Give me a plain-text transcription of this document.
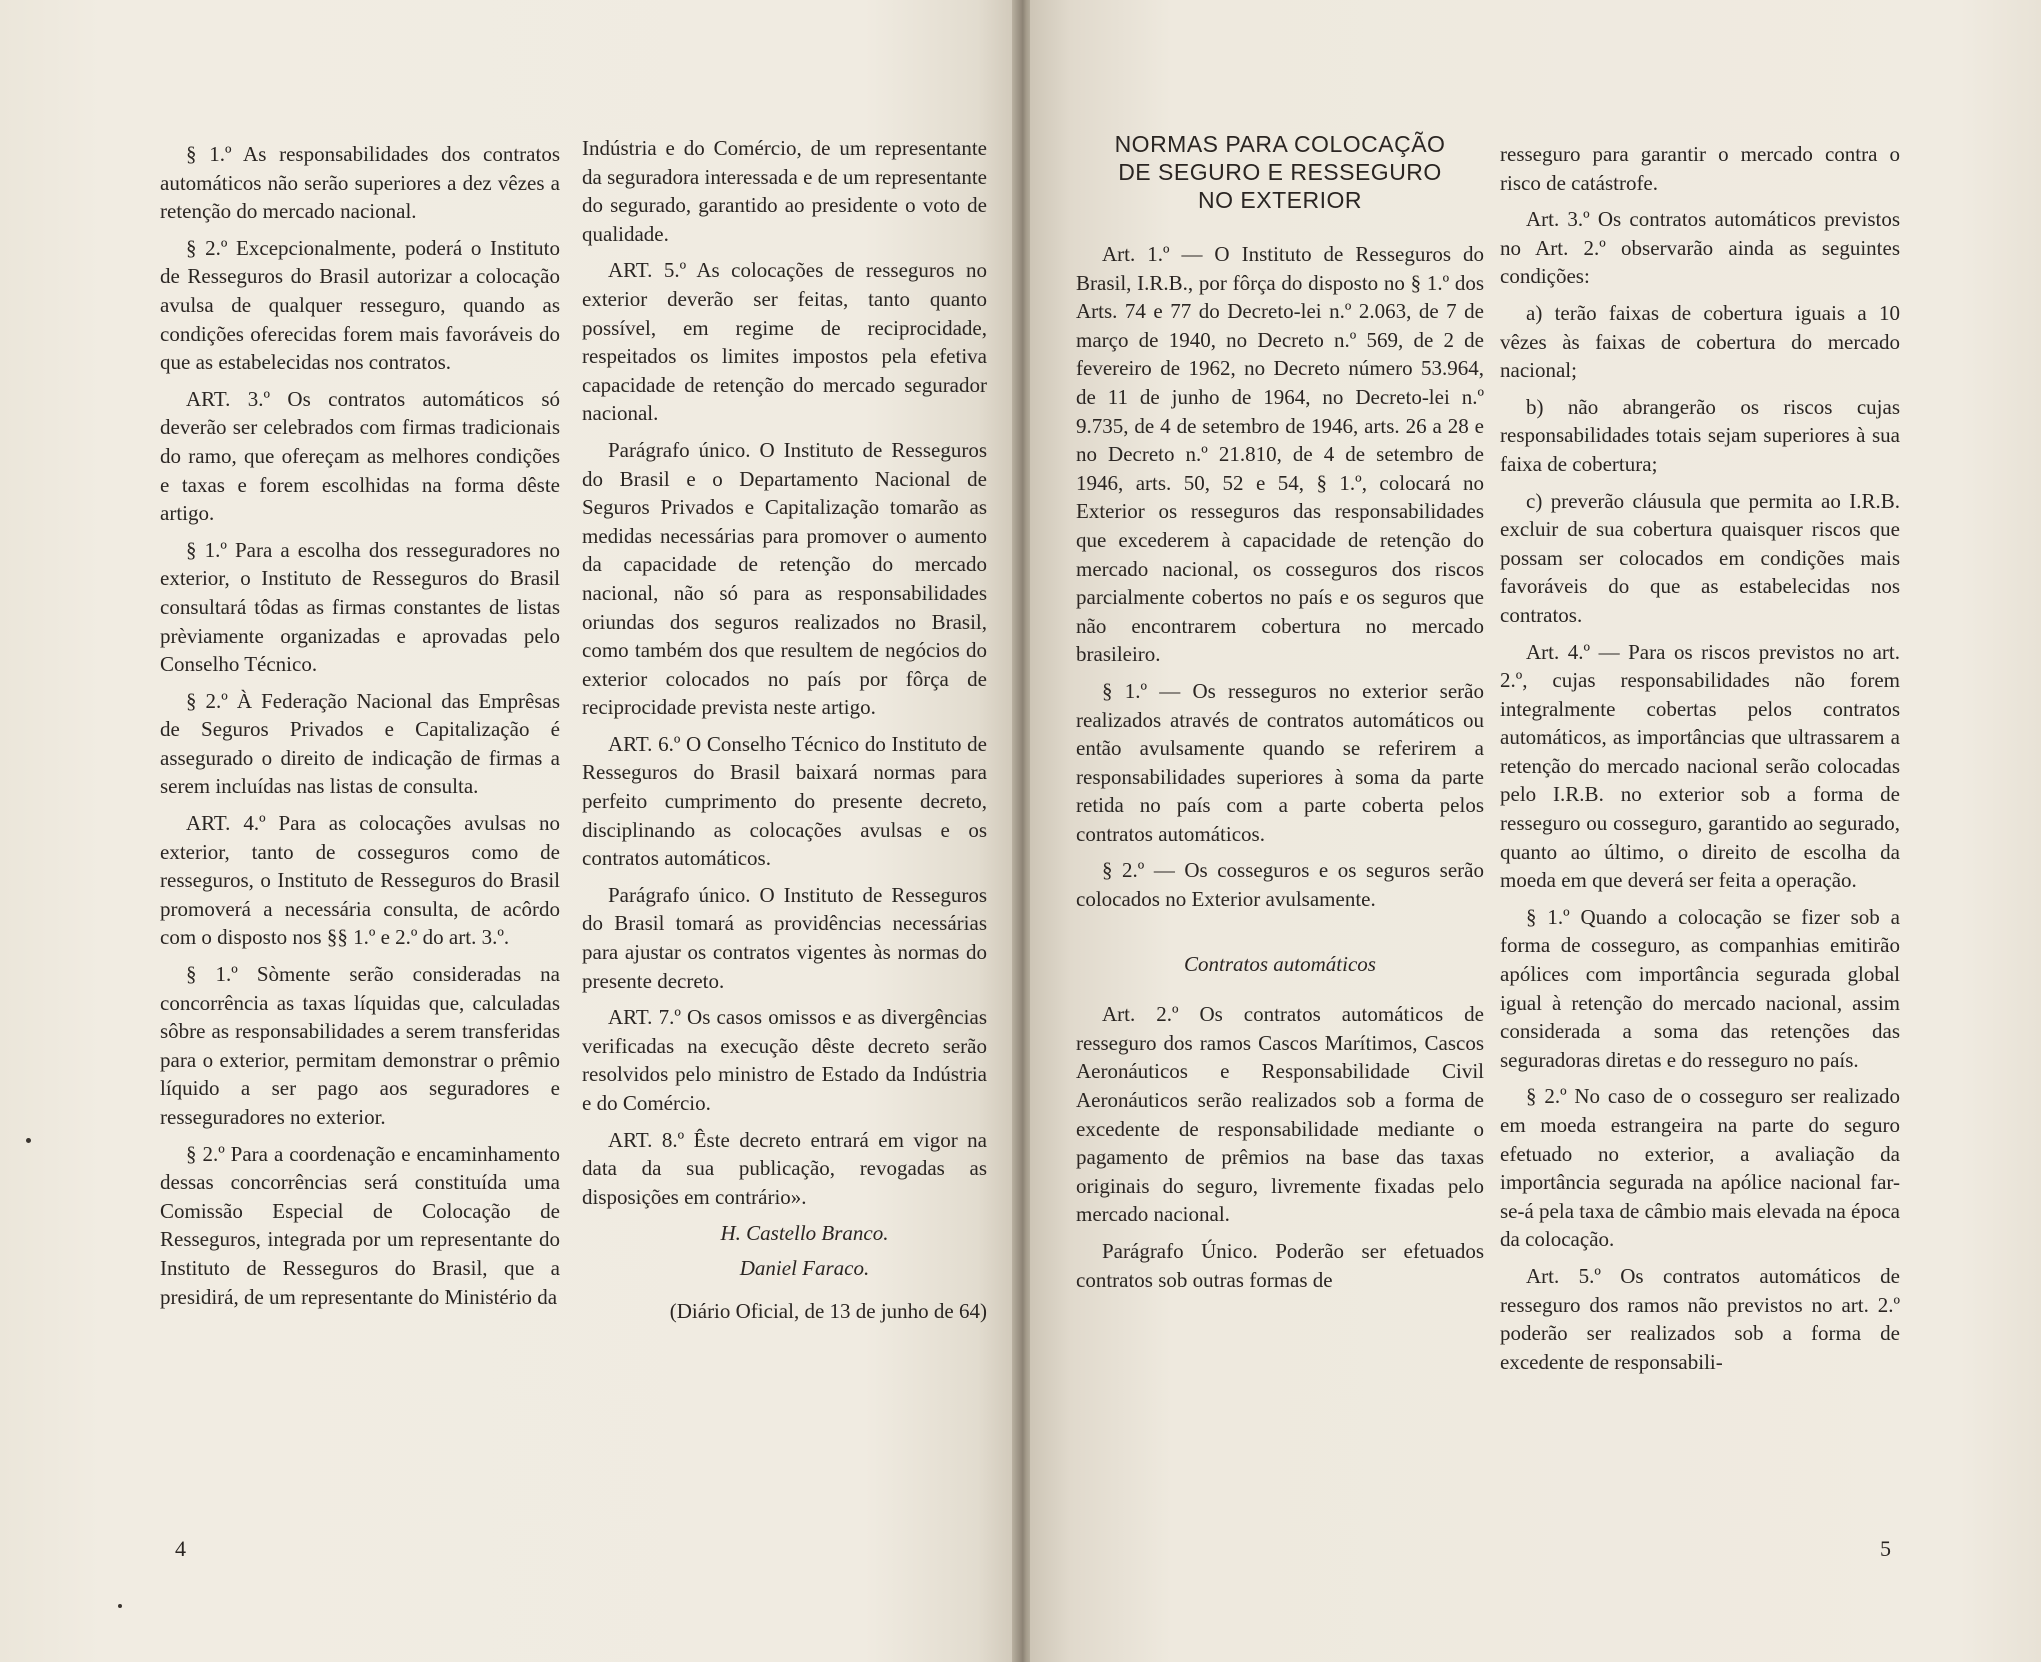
§ 1.º As responsabilidades dos contratos automáticos não serão superiores a dez vêzes a retenção do mercado nacional.

§ 2.º Excepcionalmente, poderá o Instituto de Resseguros do Brasil autorizar a colocação avulsa de qualquer resseguro, quando as condições oferecidas forem mais favoráveis do que as estabelecidas nos contratos.

ART. 3.º Os contratos automáticos só deverão ser celebrados com firmas tradicionais do ramo, que ofereçam as melhores condições e taxas e forem escolhidas na forma dêste artigo.

§ 1.º Para a escolha dos resseguradores no exterior, o Instituto de Resseguros do Brasil consultará tôdas as firmas constantes de listas prèviamente organizadas e aprovadas pelo Conselho Técnico.

§ 2.º À Federação Nacional das Emprêsas de Seguros Privados e Capitalização é assegurado o direito de indicação de firmas a serem incluídas nas listas de consulta.

ART. 4.º Para as colocações avulsas no exterior, tanto de cosseguros como de resseguros, o Instituto de Resseguros do Brasil promoverá a necessária consulta, de acôrdo com o disposto nos §§ 1.º e 2.º do art. 3.º.

§ 1.º Sòmente serão consideradas na concorrência as taxas líquidas que, calculadas sôbre as responsabilidades a serem transferidas para o exterior, permitam demonstrar o prêmio líquido a ser pago aos seguradores e resseguradores no exterior.

§ 2.º Para a coordenação e encaminhamento dessas concorrências será constituída uma Comissão Especial de Colocação de Resseguros, integrada por um representante do Instituto de Resseguros do Brasil, que a presidirá, de um representante do Ministério da

Indústria e do Comércio, de um representante da seguradora interessada e de um representante do segurado, garantido ao presidente o voto de qualidade.

ART. 5.º As colocações de resseguros no exterior deverão ser feitas, tanto quanto possível, em regime de reciprocidade, respeitados os limites impostos pela efetiva capacidade de retenção do mercado segurador nacional.

Parágrafo único. O Instituto de Resseguros do Brasil e o Departamento Nacional de Seguros Privados e Capitalização tomarão as medidas necessárias para promover o aumento da capacidade de retenção do mercado nacional, não só para as responsabilidades oriundas dos seguros realizados no Brasil, como também dos que resultem de negócios do exterior colocados no país por fôrça de reciprocidade prevista neste artigo.

ART. 6.º O Conselho Técnico do Instituto de Resseguros do Brasil baixará normas para perfeito cumprimento do presente decreto, disciplinando as colocações avulsas e os contratos automáticos.

Parágrafo único. O Instituto de Resseguros do Brasil tomará as providências necessárias para ajustar os contratos vigentes às normas do presente decreto.

ART. 7.º Os casos omissos e as divergências verificadas na execução dêste decreto serão resolvidos pelo ministro de Estado da Indústria e do Comércio.

ART. 8.º Êste decreto entrará em vigor na data da sua publicação, revogadas as disposições em contrário».

H. Castello Branco.

Daniel Faraco.

(Diário Oficial, de 13 de junho de 64)

4
NORMAS PARA COLOCAÇÃO
DE SEGURO E RESSEGURO
NO EXTERIOR

Art. 1.º — O Instituto de Resseguros do Brasil, I.R.B., por fôrça do disposto no § 1.º dos Arts. 74 e 77 do Decreto-lei n.º 2.063, de 7 de março de 1940, no Decreto n.º 569, de 2 de fevereiro de 1962, no Decreto número 53.964, de 11 de junho de 1964, no Decreto-lei n.º 9.735, de 4 de setembro de 1946, arts. 26 a 28 e no Decreto n.º 21.810, de 4 de setembro de 1946, arts. 50, 52 e 54, § 1.º, colocará no Exterior os resseguros das responsabilidades que excederem à capacidade de retenção do mercado nacional, os cosseguros dos riscos parcialmente cobertos no país e os seguros que não encontrarem cobertura no mercado brasileiro.

§ 1.º — Os resseguros no exterior serão realizados através de contratos automáticos ou então avulsamente quando se referirem a responsabilidades superiores à soma da parte retida no país com a parte coberta pelos contratos automáticos.

§ 2.º — Os cosseguros e os seguros serão colocados no Exterior avulsamente.

Contratos automáticos

Art. 2.º Os contratos automáticos de resseguro dos ramos Cascos Marítimos, Cascos Aeronáuticos e Responsabilidade Civil Aeronáuticos serão realizados sob a forma de excedente de responsabilidade mediante o pagamento de prêmios na base das taxas originais do seguro, livremente fixadas pelo mercado nacional.

Parágrafo Único. Poderão ser efetuados contratos sob outras formas de

resseguro para garantir o mercado contra o risco de catástrofe.

Art. 3.º Os contratos automáticos previstos no Art. 2.º observarão ainda as seguintes condições:

a) terão faixas de cobertura iguais a 10 vêzes às faixas de cobertura do mercado nacional;

b) não abrangerão os riscos cujas responsabilidades totais sejam superiores à sua faixa de cobertura;

c) preverão cláusula que permita ao I.R.B. excluir de sua cobertura quaisquer riscos que possam ser colocados em condições mais favoráveis do que as estabelecidas nos contratos.

Art. 4.º — Para os riscos previstos no art. 2.º, cujas responsabilidades não forem integralmente cobertas pelos contratos automáticos, as importâncias que ultrassarem a retenção do mercado nacional serão colocadas pelo I.R.B. no exterior sob a forma de resseguro ou cosseguro, garantido ao segurado, quanto ao último, o direito de escolha da moeda em que deverá ser feita a operação.

§ 1.º Quando a colocação se fizer sob a forma de cosseguro, as companhias emitirão apólices com importância segurada global igual à retenção do mercado nacional, assim considerada a soma das retenções das seguradoras diretas e do resseguro no país.

§ 2.º No caso de o cosseguro ser realizado em moeda estrangeira na parte do seguro efetuado no exterior, a avaliação da importância segurada na apólice nacional far-se-á pela taxa de câmbio mais elevada na época da colocação.

Art. 5.º Os contratos automáticos de resseguro dos ramos não previstos no art. 2.º poderão ser realizados sob a forma de excedente de responsabili-

5
